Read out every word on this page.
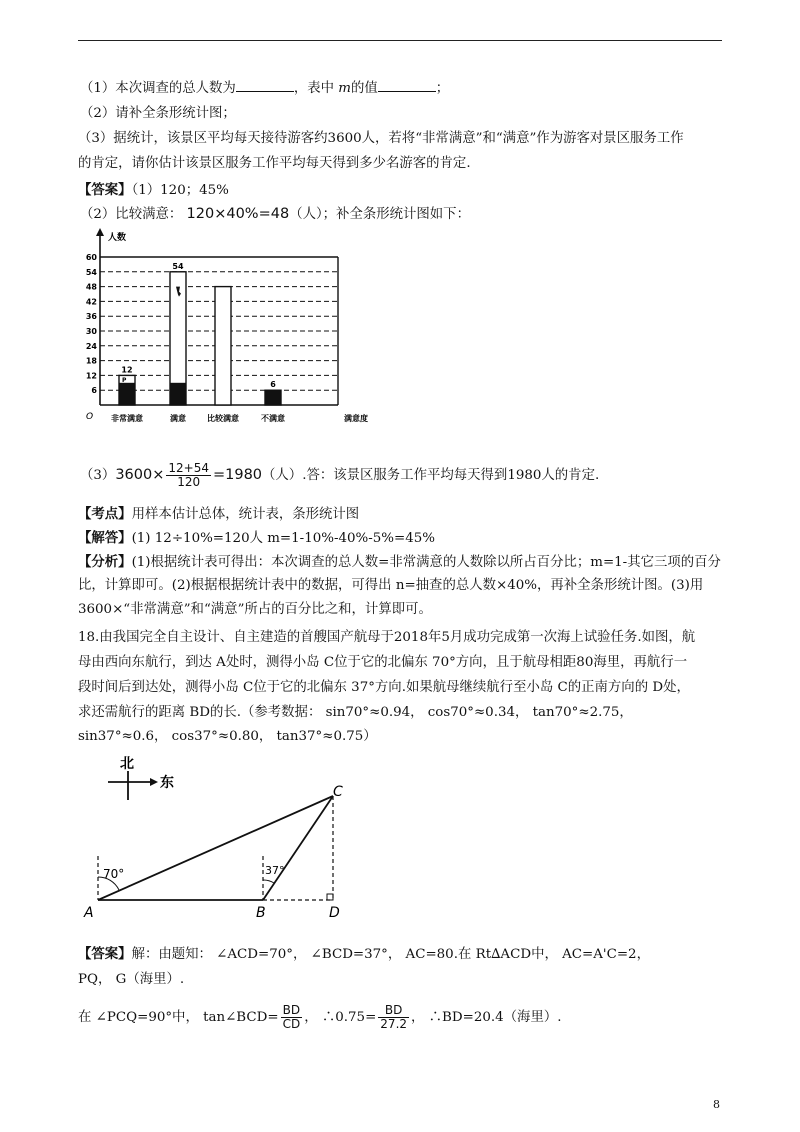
（1）本次调查的总人数为	，表中 m的值	；
（2）请补全条形统计图；
（3）据统计，该景区平均每天接待游客约3600人，若将“非常满意”和“满意”作为游客对景区服务工作
的肯定，请你估计该景区服务工作平均每天得到多少名游客的肯定.
【答案】（1）120；45%
（2）比较满意： 120×40%=48（人）；补全条形统计图如下：
人数
6
12
18
24
30
36
42
48
54
60
O
12
非常满意
54
满意	比较满意
6
不满意
P
满意度
$(3)3600\times \frac{12+54}{120} =1980$（人）.答：该景区服务工作平均每天得到1980人的肯定.
【考点】用样本估计总体，统计表，条形统计图
【解答】(1) 12÷10%=120人 m=1-10%-40%-5%=45%
【分析】(1)根据统计表可得出：本次调查的总人数=非常满意的人数除以所占百分比；m=1-其它三项的百分
比，计算即可。(2)根据根据统计表中的数据，可得出 n=抽查的总人数×40%，再补全条形统计图。(3)用
3600×“非常满意”和“满意”所占的百分比之和，计算即可。
18.由我国完全自主设计、自主建造的首艘国产航母于2018年5月成功完成第一次海上试验任务.如图，航
母由西向东航行，到达 A处时，测得小岛 C位于它的北偏东 70°方向，且于航母相距80海里，再航行一
段时间后到达处，测得小岛 C位于它的北偏东 37°方向.如果航母继续航行至小岛 C的正南方向的 D处，
求还需航行的距离 BD的长.（参考数据： sin70°≈0.94， cos70°≈0.34， tan70°≈2.75，
sin37°≈0.6， cos37°≈0.80， tan37°≈0.75）
北
东
70°	37°
A	B
C
D
【答案】解：由题知： ∠ACD=70°， ∠BCD=37°， AC=80.在 Rt∆ACD中， AC=A'C=2，
PQ， G（海里）.
在 ∠PCQ=90°中， tan∠BCD= $\frac{BD}{CD}$ ， ∴0.75= $\frac{BD}{27.2}$ ， ∴BD=20.4（海里）.
8
